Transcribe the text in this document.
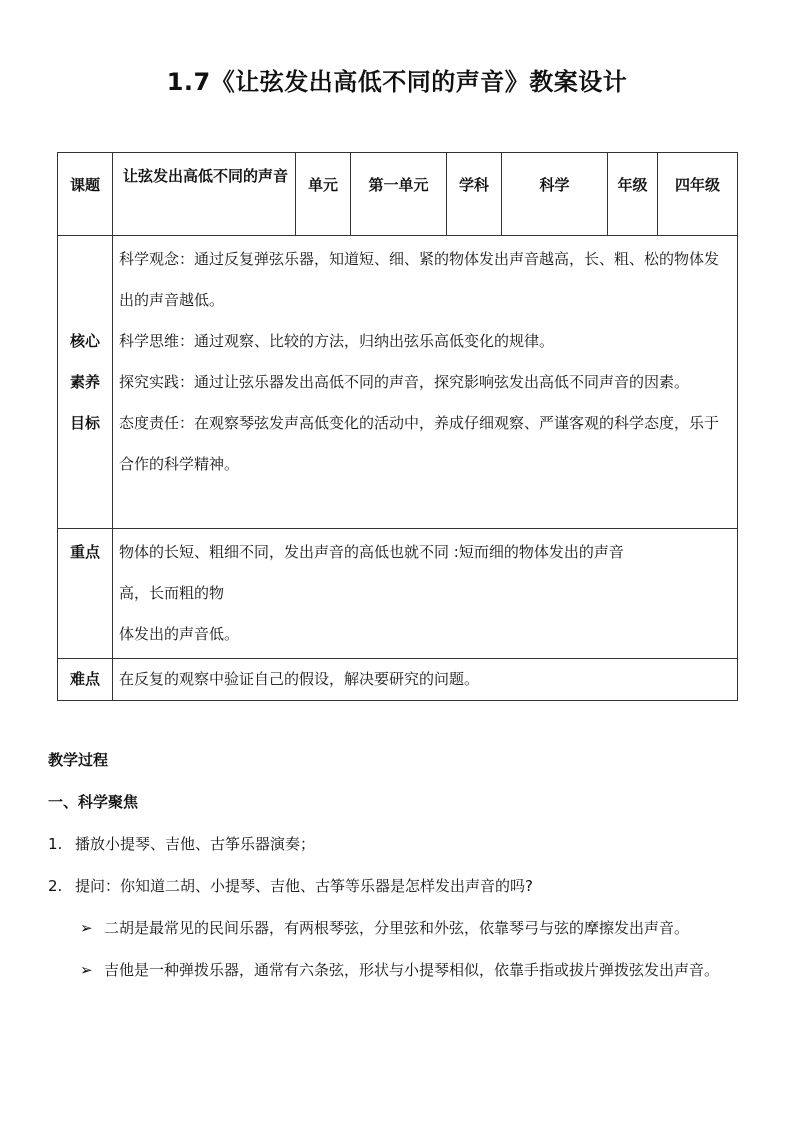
1.7《让弦发出高低不同的声音》教案设计
课题	让弦发出高低不同的声音	单元	第一单元	学科	科学	年级	四年级

核心素养目标	科学观念：通过反复弹弦乐器，知道短、细、紧的物体发出声音越高，长、粗、松的物体发出的声音越低。

科学思维：通过观察、比较的方法，归纳出弦乐高低变化的规律。

探究实践：通过让弦乐器发出高低不同的声音，探究影响弦发出高低不同声音的因素。

态度责任：在观察琴弦发声高低变化的活动中，养成仔细观察、严谨客观的科学态度，乐于合作的科学精神。						

重点	物体的长短、粗细不同，发出声音的高低也就不同 :短而细的物体发出的声音

高，长而粗的物

体发出的声音低。						

难点	在反复的观察中验证自己的假设，解决要研究的问题。						

教学过程

一、科学聚焦

1. 播放小提琴、吉他、古筝乐器演奏；
2. 提问：你知道二胡、小提琴、吉他、古筝等乐器是怎样发出声音的吗?
➢ 二胡是最常见的民间乐器，有两根琴弦，分里弦和外弦，依靠琴弓与弦的摩擦发出声音。
➢ 吉他是一种弹拨乐器，通常有六条弦，形状与小提琴相似，依靠手指或拔片弹拨弦发出声音。
